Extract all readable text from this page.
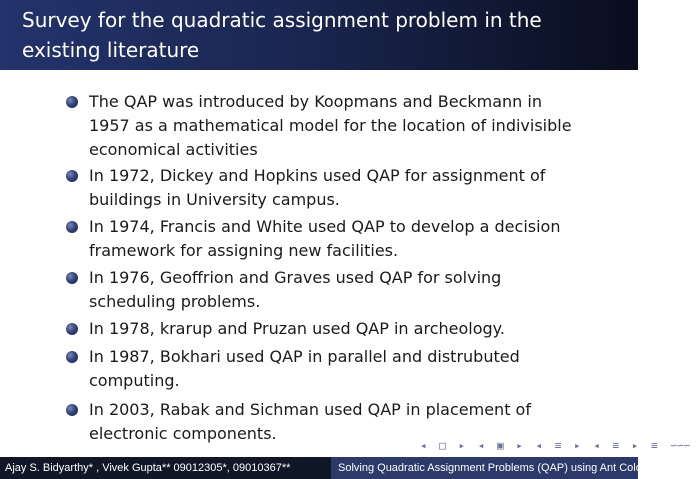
Survey for the quadratic assignment problem in the
existing literature
The QAP was introduced by Koopmans and Beckmann in
1957 as a mathematical model for the location of indivisible
economical activities
In 1972, Dickey and Hopkins used QAP for assignment of
buildings in University campus.
In 1974, Francis and White used QAP to develop a decision
framework for assigning new facilities.
In 1976, Geoffrion and Graves used QAP for solving
scheduling problems.
In 1978, krarup and Pruzan used QAP in archeology.
In 1987, Bokhari used QAP in parallel and distrubuted
computing.
In 2003, Rabak and Sichman used QAP in placement of
electronic components.
◂ □ ▸ ◂ ▣ ▸ ◂ ≡ ▸ ◂ ≡ ▸ ≡ ∽∽∽
Ajay S. Bidyarthy* , Vivek Gupta** 09012305*, 09010367**	Solving Quadratic Assignment Problems (QAP) using Ant Colony
